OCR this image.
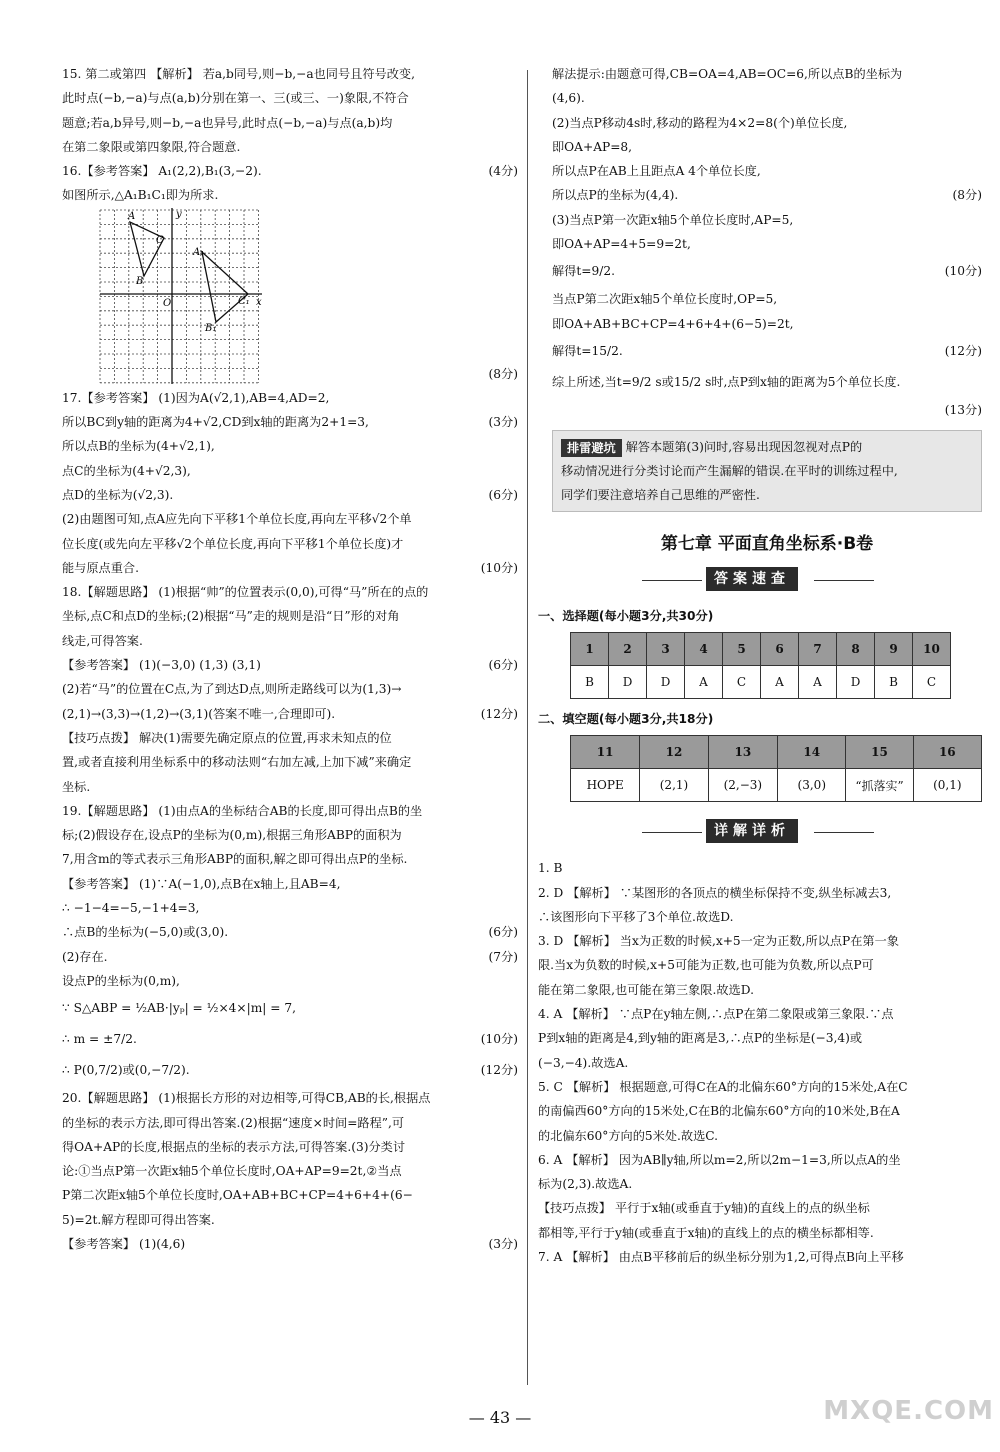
15. 第二或第四 【解析】 若a,b同号,则−b,−a也同号且符号改变,
此时点(−b,−a)与点(a,b)分别在第一、三(或三、一)象限,不符合
题意;若a,b异号,则−b,−a也异号,此时点(−b,−a)与点(a,b)均
在第二象限或第四象限,符合题意.
16.【参考答案】 A₁(2,2),B₁(3,−2).	(4分)
如图所示,△A₁B₁C₁即为所求.
A
B
C
A₁
B₁
C₁
O	x
y
(8分)
17.【参考答案】 (1)因为A(√2,1),AB=4,AD=2,
所以BC到y轴的距离为4+√2,CD到x轴的距离为2+1=3,	(3分)
所以点B的坐标为(4+√2,1),
点C的坐标为(4+√2,3),
点D的坐标为(√2,3).	(6分)
(2)由题图可知,点A应先向下平移1个单位长度,再向左平移√2个单
位长度(或先向左平移√2个单位长度,再向下平移1个单位长度)才
能与原点重合.	(10分)
18.【解题思路】 (1)根据“帅”的位置表示(0,0),可得“马”所在的点的
坐标,点C和点D的坐标;(2)根据“马”走的规则是沿“日”形的对角
线走,可得答案.
【参考答案】 (1)(−3,0) (1,3) (3,1)	(6分)
(2)若“马”的位置在C点,为了到达D点,则所走路线可以为(1,3)→
(2,1)→(3,3)→(1,2)→(3,1)(答案不唯一,合理即可).	(12分)
【技巧点拨】 解决(1)需要先确定原点的位置,再求未知点的位
置,或者直接利用坐标系中的移动法则“右加左减,上加下减”来确定
坐标.
19.【解题思路】 (1)由点A的坐标结合AB的长度,即可得出点B的坐
标;(2)假设存在,设点P的坐标为(0,m),根据三角形ABP的面积为
7,用含m的等式表示三角形ABP的面积,解之即可得出点P的坐标.
【参考答案】 (1)∵A(−1,0),点B在x轴上,且AB=4,
∴ −1−4=−5,−1+4=3,
∴点B的坐标为(−5,0)或(3,0).	(6分)
(2)存在.	(7分)
设点P的坐标为(0,m),
∵ S△ABP = ½AB·|yₚ| = ½×4×|m| = 7,
∴ m = ±7/2.	(10分)
∴ P(0,7/2)或(0,−7/2).	(12分)
20.【解题思路】 (1)根据长方形的对边相等,可得CB,AB的长,根据点
的坐标的表示方法,即可得出答案.(2)根据“速度×时间=路程”,可
得OA+AP的长度,根据点的坐标的表示方法,可得答案.(3)分类讨
论:①当点P第一次距x轴5个单位长度时,OA+AP=9=2t,②当点
P第二次距x轴5个单位长度时,OA+AB+BC+CP=4+6+4+(6−
5)=2t.解方程即可得出答案.
【参考答案】 (1)(4,6)	(3分)
解法提示:由题意可得,CB=OA=4,AB=OC=6,所以点B的坐标为
(4,6).
(2)当点P移动4s时,移动的路程为4×2=8(个)单位长度,
即OA+AP=8,
所以点P在AB上且距点A 4个单位长度,
所以点P的坐标为(4,4).	(8分)
(3)当点P第一次距x轴5个单位长度时,AP=5,
即OA+AP=4+5=9=2t,
解得t=9/2.	(10分)
当点P第二次距x轴5个单位长度时,OP=5,
即OA+AB+BC+CP=4+6+4+(6−5)=2t,
解得t=15/2.	(12分)
综上所述,当t=9/2 s或15/2 s时,点P到x轴的距离为5个单位长度.
(13分)
排雷避坑 解答本题第(3)问时,容易出现因忽视对点P的
移动情况进行分类讨论而产生漏解的错误.在平时的训练过程中,
同学们要注意培养自己思维的严密性.
第七章 平面直角坐标系·B卷
答案速查
一、选择题(每小题3分,共30分)
1	2	3	4	5	6	7	8	9	10
B	D	D	A	C	A	A	D	B	C
二、填空题(每小题3分,共18分)
11	12	13	14	15	16
HOPE	(2,1)	(2,−3)	(3,0)	“抓落实”	(0,1)
详解详析
1. B
2. D 【解析】 ∵某图形的各顶点的横坐标保持不变,纵坐标减去3,
∴该图形向下平移了3个单位.故选D.
3. D 【解析】 当x为正数的时候,x+5一定为正数,所以点P在第一象
限.当x为负数的时候,x+5可能为正数,也可能为负数,所以点P可
能在第二象限,也可能在第三象限.故选D.
4. A 【解析】 ∵点P在y轴左侧,∴点P在第二象限或第三象限.∵点
P到x轴的距离是4,到y轴的距离是3,∴点P的坐标是(−3,4)或
(−3,−4).故选A.
5. C 【解析】 根据题意,可得C在A的北偏东60°方向的15米处,A在C
的南偏西60°方向的15米处,C在B的北偏东60°方向的10米处,B在A
的北偏东60°方向的5米处.故选C.
6. A 【解析】 因为AB∥y轴,所以m=2,所以2m−1=3,所以点A的坐
标为(2,3).故选A.
【技巧点拨】 平行于x轴(或垂直于y轴)的直线上的点的纵坐标
都相等,平行于y轴(或垂直于x轴)的直线上的点的横坐标都相等.
7. A 【解析】 由点B平移前后的纵坐标分别为1,2,可得点B向上平移
— 43 —	MXQE.COM
